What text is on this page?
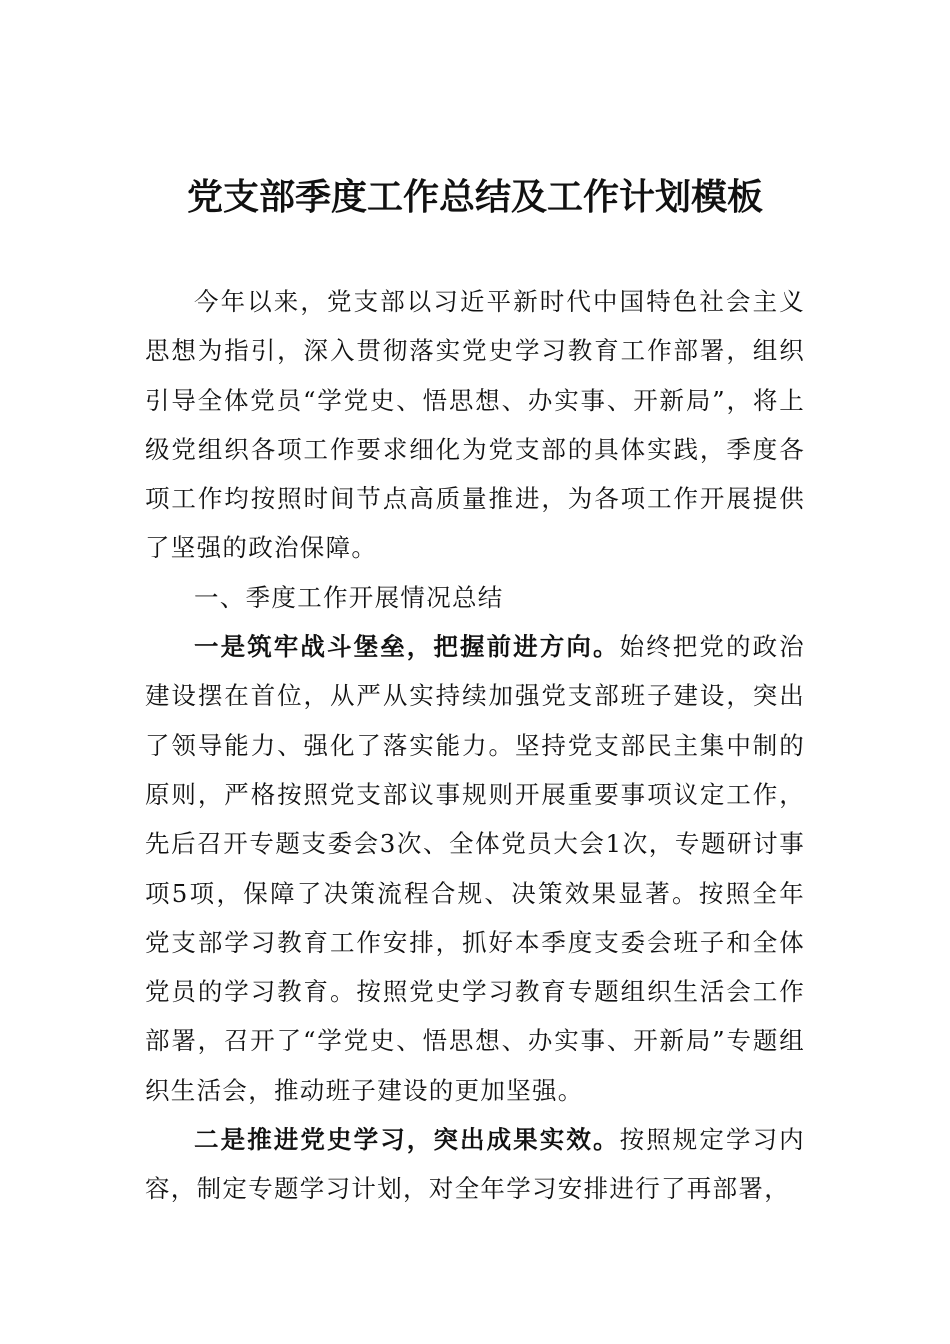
党支部季度工作总结及工作计划模板

今年以来，党支部以习近平新时代中国特色社会主义思想为指引，深入贯彻落实党史学习教育工作部署，组织引导全体党员“学党史、悟思想、办实事、开新局”，将上级党组织各项工作要求细化为党支部的具体实践，季度各项工作均按照时间节点高质量推进，为各项工作开展提供了坚强的政治保障。

一、季度工作开展情况总结

一是筑牢战斗堡垒，把握前进方向。始终把党的政治建设摆在首位，从严从实持续加强党支部班子建设，突出了领导能力、强化了落实能力。坚持党支部民主集中制的原则，严格按照党支部议事规则开展重要事项议定工作，先后召开专题支委会3次、全体党员大会1次，专题研讨事项5项，保障了决策流程合规、决策效果显著。按照全年党支部学习教育工作安排，抓好本季度支委会班子和全体党员的学习教育。按照党史学习教育专题组织生活会工作部署，召开了“学党史、悟思想、办实事、开新局”专题组织生活会，推动班子建设的更加坚强。

二是推进党史学习，突出成果实效。按照规定学习内容，制定专题学习计划，对全年学习安排进行了再部署，
